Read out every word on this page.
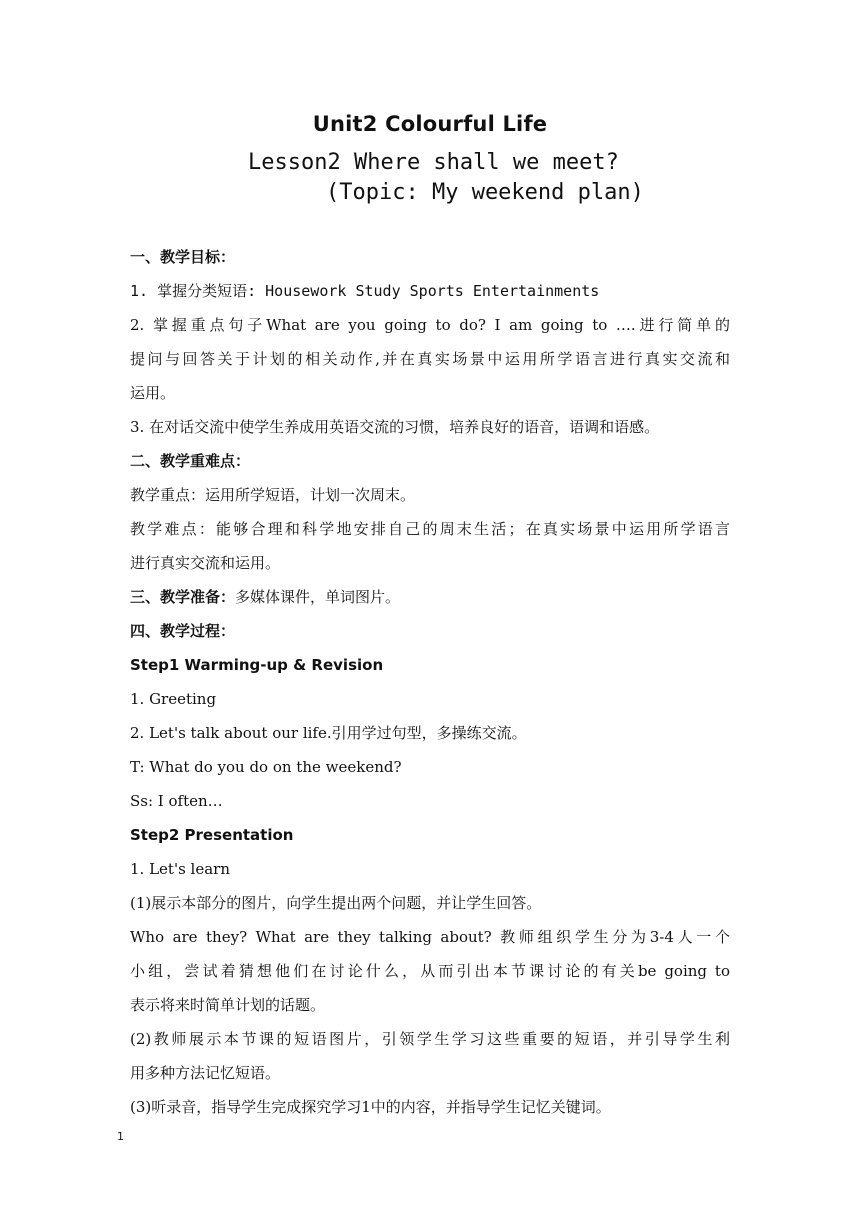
Unit2 Colourful Life
Lesson2 Where shall we meet?
(Topic: My weekend plan)
一、教学目标：
1. 掌握分类短语: Housework Study Sports Entertainments
2. 掌握重点句子What are you going to do? I am going to ….进行简单的
提问与回答关于计划的相关动作,并在真实场景中运用所学语言进行真实交流和
运用。
3. 在对话交流中使学生养成用英语交流的习惯，培养良好的语音，语调和语感。
二、教学重难点：
教学重点：运用所学短语，计划一次周末。
教学难点：能够合理和科学地安排自己的周末生活；在真实场景中运用所学语言
进行真实交流和运用。
三、教学准备：多媒体课件，单词图片。
四、教学过程：
Step1 Warming-up & Revision
1. Greeting
2. Let's talk about our life.引用学过句型，多操练交流。
T: What do you do on the weekend?
Ss: I often…
Step2 Presentation
1. Let's learn
(1)展示本部分的图片，向学生提出两个问题，并让学生回答。
Who are they? What are they talking about? 教师组织学生分为3-4人一个
小组，尝试着猜想他们在讨论什么，从而引出本节课讨论的有关be going to
表示将来时简单计划的话题。
(2)教师展示本节课的短语图片，引领学生学习这些重要的短语，并引导学生利
用多种方法记忆短语。
(3)听录音，指导学生完成探究学习1中的内容，并指导学生记忆关键词。
1
